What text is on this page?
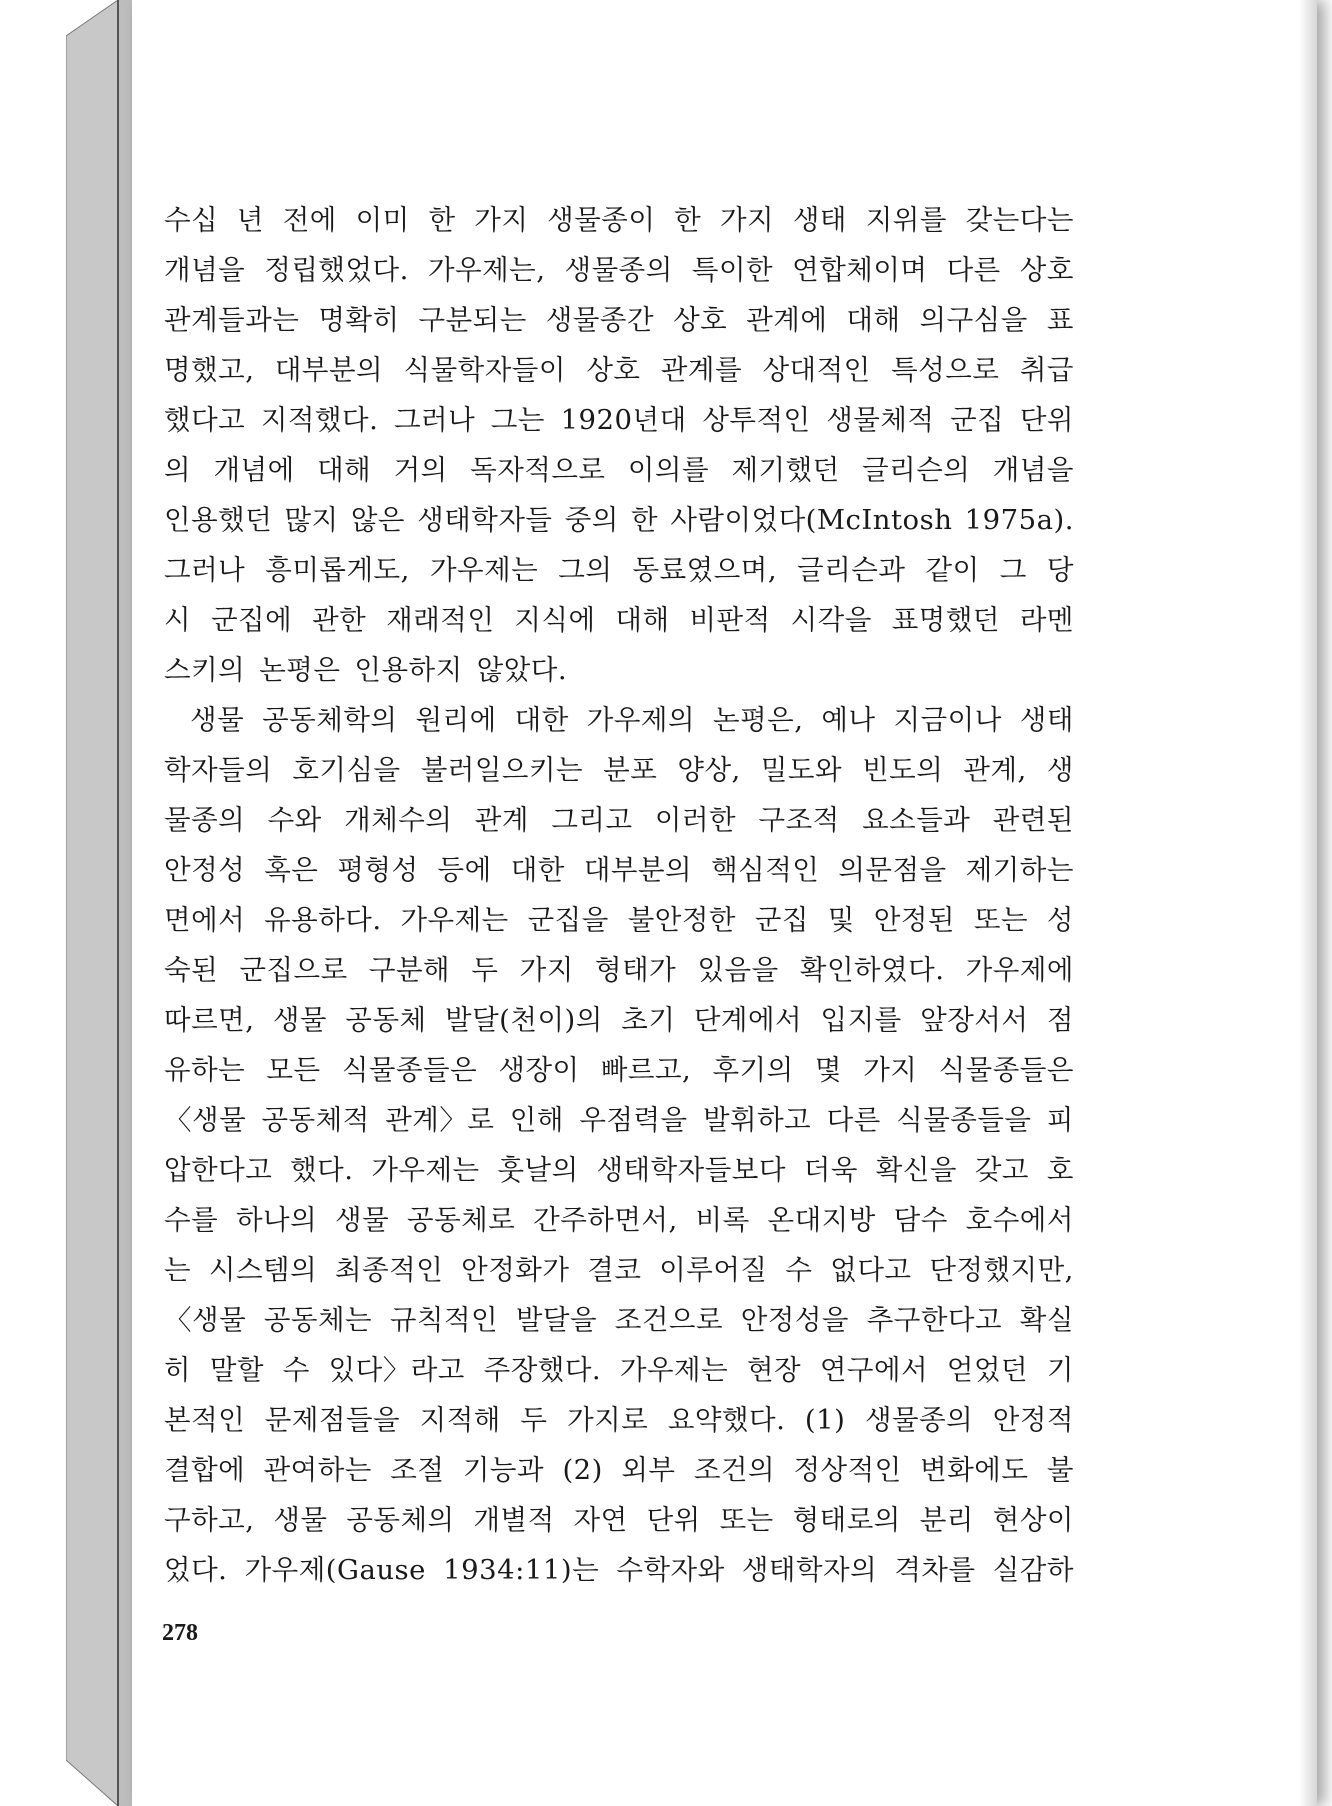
수십 년 전에 이미 한 가지 생물종이 한 가지 생태 지위를 갖는다는
개념을 정립했었다. 가우제는, 생물종의 특이한 연합체이며 다른 상호
관계들과는 명확히 구분되는 생물종간 상호 관계에 대해 의구심을 표
명했고, 대부분의 식물학자들이 상호 관계를 상대적인 특성으로 취급
했다고 지적했다. 그러나 그는 1920년대 상투적인 생물체적 군집 단위
의 개념에 대해 거의 독자적으로 이의를 제기했던 글리슨의 개념을
인용했던 많지 않은 생태학자들 중의 한 사람이었다(McIntosh 1975a).
그러나 흥미롭게도, 가우제는 그의 동료였으며, 글리슨과 같이 그 당
시 군집에 관한 재래적인 지식에 대해 비판적 시각을 표명했던 라멘
스키의 논평은 인용하지 않았다.
생물 공동체학의 원리에 대한 가우제의 논평은, 예나 지금이나 생태
학자들의 호기심을 불러일으키는 분포 양상, 밀도와 빈도의 관계, 생
물종의 수와 개체수의 관계 그리고 이러한 구조적 요소들과 관련된
안정성 혹은 평형성 등에 대한 대부분의 핵심적인 의문점을 제기하는
면에서 유용하다. 가우제는 군집을 불안정한 군집 및 안정된 또는 성
숙된 군집으로 구분해 두 가지 형태가 있음을 확인하였다. 가우제에
따르면, 생물 공동체 발달(천이)의 초기 단계에서 입지를 앞장서서 점
유하는 모든 식물종들은 생장이 빠르고, 후기의 몇 가지 식물종들은
〈생물 공동체적 관계〉로 인해 우점력을 발휘하고 다른 식물종들을 피
압한다고 했다. 가우제는 훗날의 생태학자들보다 더욱 확신을 갖고 호
수를 하나의 생물 공동체로 간주하면서, 비록 온대지방 담수 호수에서
는 시스템의 최종적인 안정화가 결코 이루어질 수 없다고 단정했지만,
〈생물 공동체는 규칙적인 발달을 조건으로 안정성을 추구한다고 확실
히 말할 수 있다〉라고 주장했다. 가우제는 현장 연구에서 얻었던 기
본적인 문제점들을 지적해 두 가지로 요약했다. (1) 생물종의 안정적
결합에 관여하는 조절 기능과 (2) 외부 조건의 정상적인 변화에도 불
구하고, 생물 공동체의 개별적 자연 단위 또는 형태로의 분리 현상이
었다. 가우제(Gause 1934:11)는 수학자와 생태학자의 격차를 실감하
278
